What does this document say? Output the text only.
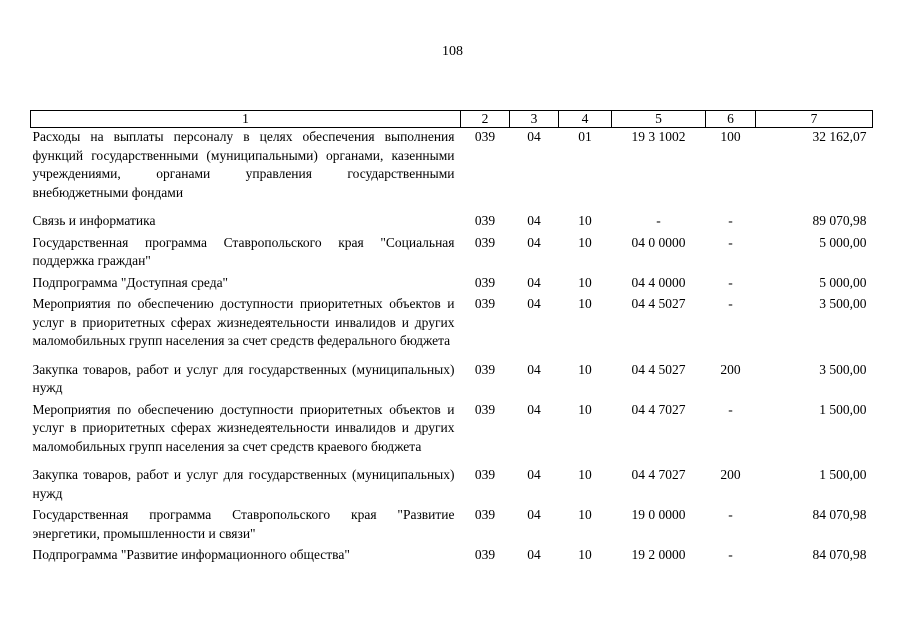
108
1	2	3	4	5	6	7
Расходы на выплаты персоналу в целях обеспечения выполнения функций государственными (муниципальными) органами, казенными учреждениями, органами управления государственными внебюджетными фондами	039	04	01	19 3 1002	100	32 162,07
Связь и информатика	039	04	10	-	-	89 070,98
Государственная программа Ставропольского края "Социальная поддержка граждан"	039	04	10	04 0 0000	-	5 000,00
Подпрограмма "Доступная среда"	039	04	10	04 4 0000	-	5 000,00
Мероприятия по обеспечению доступности приоритетных объектов и услуг в приоритетных сферах жизнедеятельности инвалидов и других маломобильных групп населения за счет средств федерального бюджета	039	04	10	04 4 5027	-	3 500,00
Закупка товаров, работ и услуг для государственных (муниципальных) нужд	039	04	10	04 4 5027	200	3 500,00
Мероприятия по обеспечению доступности приоритетных объектов и услуг в приоритетных сферах жизнедеятельности инвалидов и других маломобильных групп населения за счет средств краевого бюджета	039	04	10	04 4 7027	-	1 500,00
Закупка товаров, работ и услуг для государственных (муниципальных) нужд	039	04	10	04 4 7027	200	1 500,00
Государственная программа Ставропольского края "Развитие энергетики, промышленности и связи"	039	04	10	19 0 0000	-	84 070,98
Подпрограмма "Развитие информационного общества"	039	04	10	19 2 0000	-	84 070,98
